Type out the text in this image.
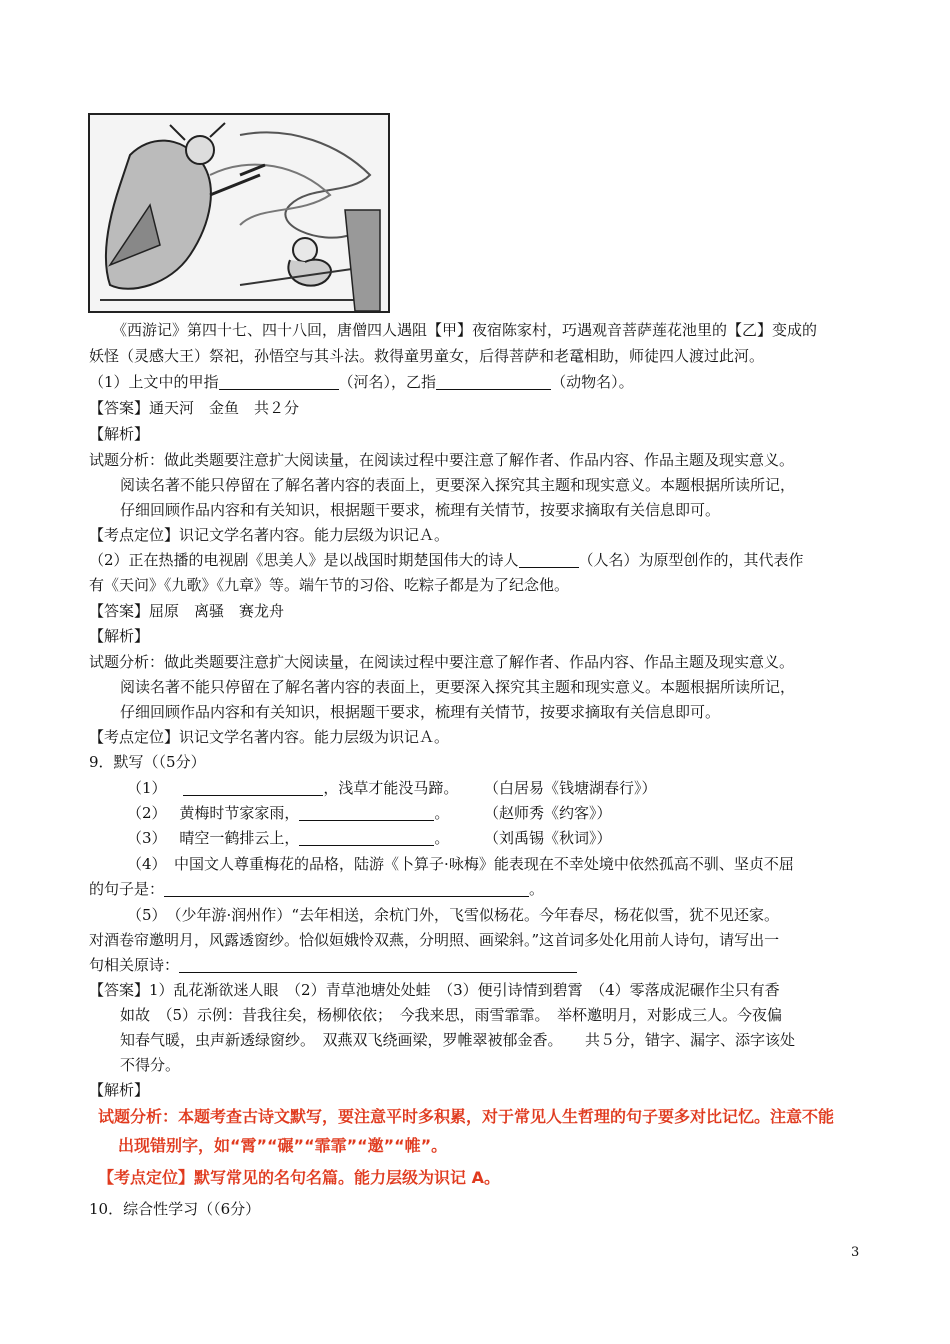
《西游记》第四十七、四十八回，唐僧四人遇阻【甲】夜宿陈家村，巧遇观音菩萨莲花池里的【乙】变成的
妖怪（灵感大王）祭祀，孙悟空与其斗法。救得童男童女，后得菩萨和老鼋相助，师徒四人渡过此河。
（1）上文中的甲指	（河名），乙指	（动物名）。
【答案】通天河　金鱼　共２分
【解析】
试题分析：做此类题要注意扩大阅读量，在阅读过程中要注意了解作者、作品内容、作品主题及现实意义。
阅读名著不能只停留在了解名著内容的表面上，更要深入探究其主题和现实意义。本题根据所读所记，
仔细回顾作品内容和有关知识，根据题干要求，梳理有关情节，按要求摘取有关信息即可。
【考点定位】识记文学名著内容。能力层级为识记Ａ。
（2）正在热播的电视剧《思美人》是以战国时期楚国伟大的诗人	（人名）为原型创作的，其代表作
有《天问》《九歌》《九章》等。端午节的习俗、吃粽子都是为了纪念他。
【答案】屈原　离骚　赛龙舟
【解析】
试题分析：做此类题要注意扩大阅读量，在阅读过程中要注意了解作者、作品内容、作品主题及现实意义。
阅读名著不能只停留在了解名著内容的表面上，更要深入探究其主题和现实意义。本题根据所读所记，
仔细回顾作品内容和有关知识，根据题干要求，梳理有关情节，按要求摘取有关信息即可。
【考点定位】识记文学名著内容。能力层级为识记Ａ。
9．默写（（5分）
（1）	，浅草才能没马蹄。 （白居易《钱塘湖春行》）
（2） 黄梅时节家家雨，	。 （赵师秀《约客》）
（3） 晴空一鹤排云上，	。 （刘禹锡《秋词》）
（4）　中国文人尊重梅花的品格，陆游《卜算子·咏梅》能表现在不幸处境中依然孤高不驯、坚贞不屈
的句子是：	。
（5）　（少年游·润州作）“去年相送，余杭门外，飞雪似杨花。今年春尽，杨花似雪，犹不见还家。
对酒卷帘邀明月，风露透窗纱。恰似姮娥怜双燕，分明照、画梁斜。”这首词多处化用前人诗句，请写出一
句相关原诗：
【答案】1）乱花渐欲迷人眼　（2）青草池塘处处蛙　（3）便引诗情到碧霄　（4）零落成泥碾作尘只有香
如故　（5）示例：昔我往矣，杨柳依依；　今我来思，雨雪霏霏。　举杯邀明月，对影成三人。今夜偏
知春气暖，虫声新透绿窗纱。　双燕双飞绕画梁，罗帷翠被郁金香。　　共５分，错字、漏字、添字该处
不得分。
【解析】
试题分析：本题考查古诗文默写，要注意平时多积累，对于常见人生哲理的句子要多对比记忆。注意不能
出现错别字，如“霄”“碾”“霏霏”“邀”“帷”。
【考点定位】默写常见的名句名篇。能力层级为识记 A。
10．综合性学习（（6分）
3
